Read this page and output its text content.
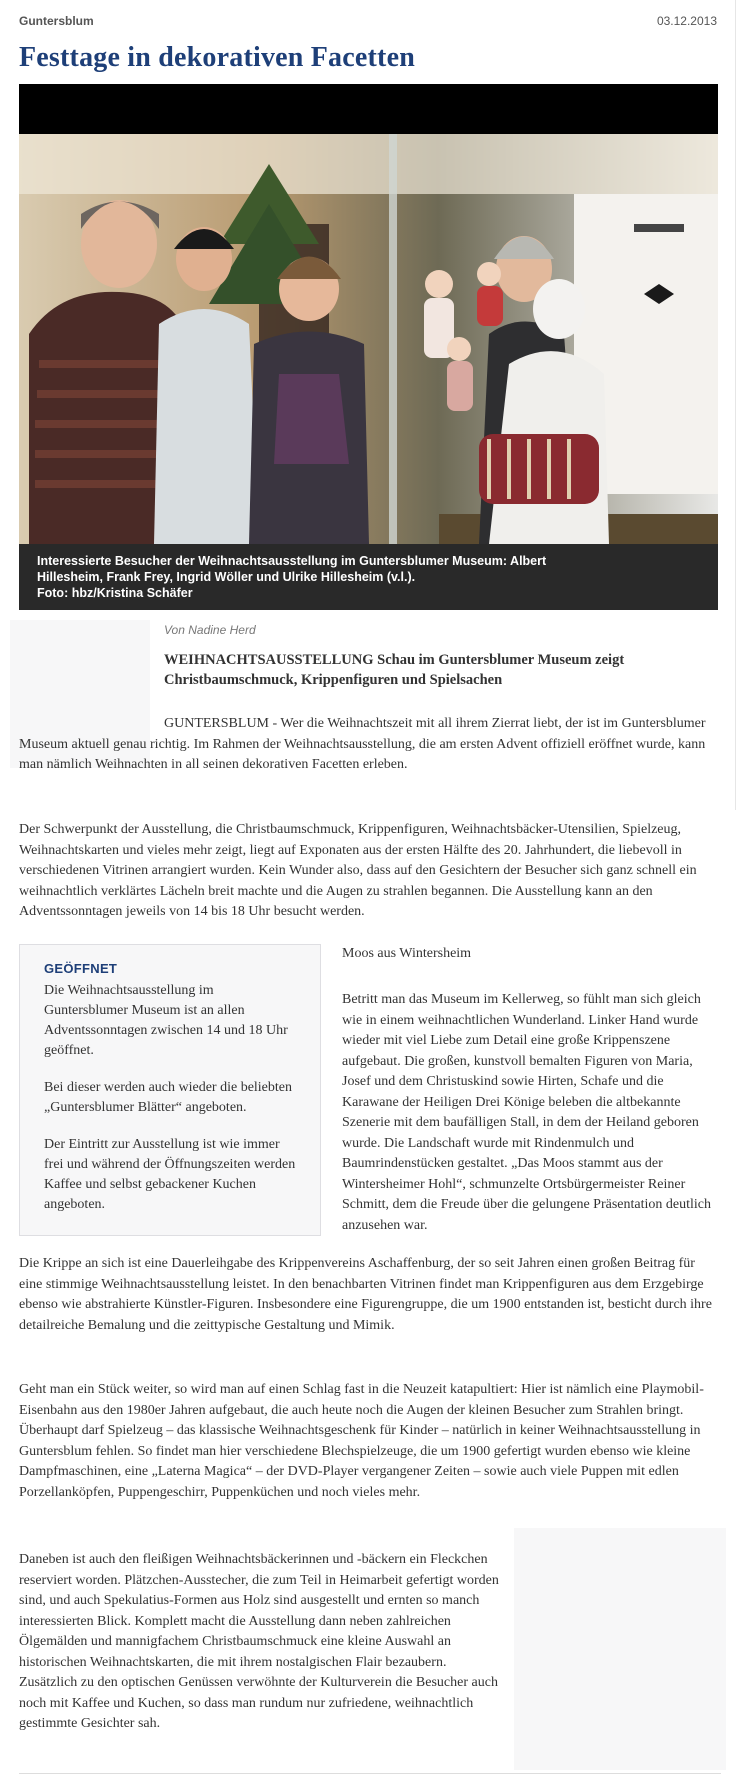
Guntersblum	03.12.2013
Festtage in dekorativen Facetten
Interessierte Besucher der Weihnachtsausstellung im Guntersblumer Museum: Albert
Hillesheim, Frank Frey, Ingrid Wöller und Ulrike Hillesheim (v.l.).
Foto: hbz/Kristina Schäfer
Von Nadine Herd

WEIHNACHTSAUSSTELLUNG Schau im Guntersblumer Museum zeigt Christbaumschmuck, Krippenfiguren und Spielsachen

GUNTERSBLUM - Wer die Weihnachtszeit mit all ihrem Zierrat liebt, der ist im Guntersblumer Museum aktuell genau richtig. Im Rahmen der Weihnachtsausstellung, die am ersten Advent offiziell eröffnet wurde, kann man nämlich Weihnachten in all seinen dekorativen Facetten erleben.

Der Schwerpunkt der Ausstellung, die Christbaumschmuck, Krippenfiguren, Weihnachtsbäcker-Utensilien, Spielzeug, Weihnachtskarten und vieles mehr zeigt, liegt auf Exponaten aus der ersten Hälfte des 20. Jahrhundert, die liebevoll in verschiedenen Vitrinen arrangiert wurden. Kein Wunder also, dass auf den Gesichtern der Besucher sich ganz schnell ein weihnachtlich verklärtes Lächeln breit machte und die Augen zu strahlen begannen. Die Ausstellung kann an den Adventssonntagen jeweils von 14 bis 18 Uhr besucht werden.

GEÖFFNET

Die Weihnachtsausstellung im Guntersblumer Museum ist an allen Adventssonntagen zwischen 14 und 18 Uhr geöffnet.

Bei dieser werden auch wieder die beliebten „Guntersblumer Blätter“ angeboten.

Der Eintritt zur Ausstellung ist wie immer frei und während der Öffnungszeiten werden Kaffee und selbst gebackener Kuchen angeboten.

Moos aus Wintersheim

Betritt man das Museum im Kellerweg, so fühlt man sich gleich wie in einem weihnachtlichen Wunderland. Linker Hand wurde wieder mit viel Liebe zum Detail eine große Krippenszene aufgebaut. Die großen, kunstvoll bemalten Figuren von Maria, Josef und dem Christuskind sowie Hirten, Schafe und die Karawane der Heiligen Drei Könige beleben die altbekannte Szenerie mit dem baufälligen Stall, in dem der Heiland geboren wurde. Die Landschaft wurde mit Rindenmulch und Baumrindenstücken gestaltet. „Das Moos stammt aus der Wintersheimer Hohl“, schmunzelte Ortsbürgermeister Reiner Schmitt, dem die Freude über die gelungene Präsentation deutlich anzusehen war.

Die Krippe an sich ist eine Dauerleihgabe des Krippenvereins Aschaffenburg, der so seit Jahren einen großen Beitrag für eine stimmige Weihnachtsausstellung leistet. In den benachbarten Vitrinen findet man Krippenfiguren aus dem Erzgebirge ebenso wie abstrahierte Künstler-Figuren. Insbesondere eine Figurengruppe, die um 1900 entstanden ist, besticht durch ihre detailreiche Bemalung und die zeittypische Gestaltung und Mimik.

Geht man ein Stück weiter, so wird man auf einen Schlag fast in die Neuzeit katapultiert: Hier ist nämlich eine Playmobil-Eisenbahn aus den 1980er Jahren aufgebaut, die auch heute noch die Augen der kleinen Besucher zum Strahlen bringt. Überhaupt darf Spielzeug – das klassische Weihnachtsgeschenk für Kinder – natürlich in keiner Weihnachtsausstellung in Guntersblum fehlen. So findet man hier verschiedene Blechspielzeuge, die um 1900 gefertigt wurden ebenso wie kleine Dampfmaschinen, eine „Laterna Magica“ – der DVD-Player vergangener Zeiten – sowie auch viele Puppen mit edlen Porzellanköpfen, Puppengeschirr, Puppenküchen und noch vieles mehr.

Daneben ist auch den fleißigen Weihnachtsbäckerinnen und -bäckern ein Fleckchen reserviert worden. Plätzchen-Ausstecher, die zum Teil in Heimarbeit gefertigt worden sind, und auch Spekulatius-Formen aus Holz sind ausgestellt und ernten so manch interessierten Blick. Komplett macht die Ausstellung dann neben zahlreichen Ölgemälden und mannigfachem Christbaumschmuck eine kleine Auswahl an historischen Weihnachtskarten, die mit ihrem nostalgischen Flair bezaubern. Zusätzlich zu den optischen Genüssen verwöhnte der Kulturverein die Besucher auch noch mit Kaffee und Kuchen, so dass man rundum nur zufriedene, weihnachtlich gestimmte Gesichter sah.
